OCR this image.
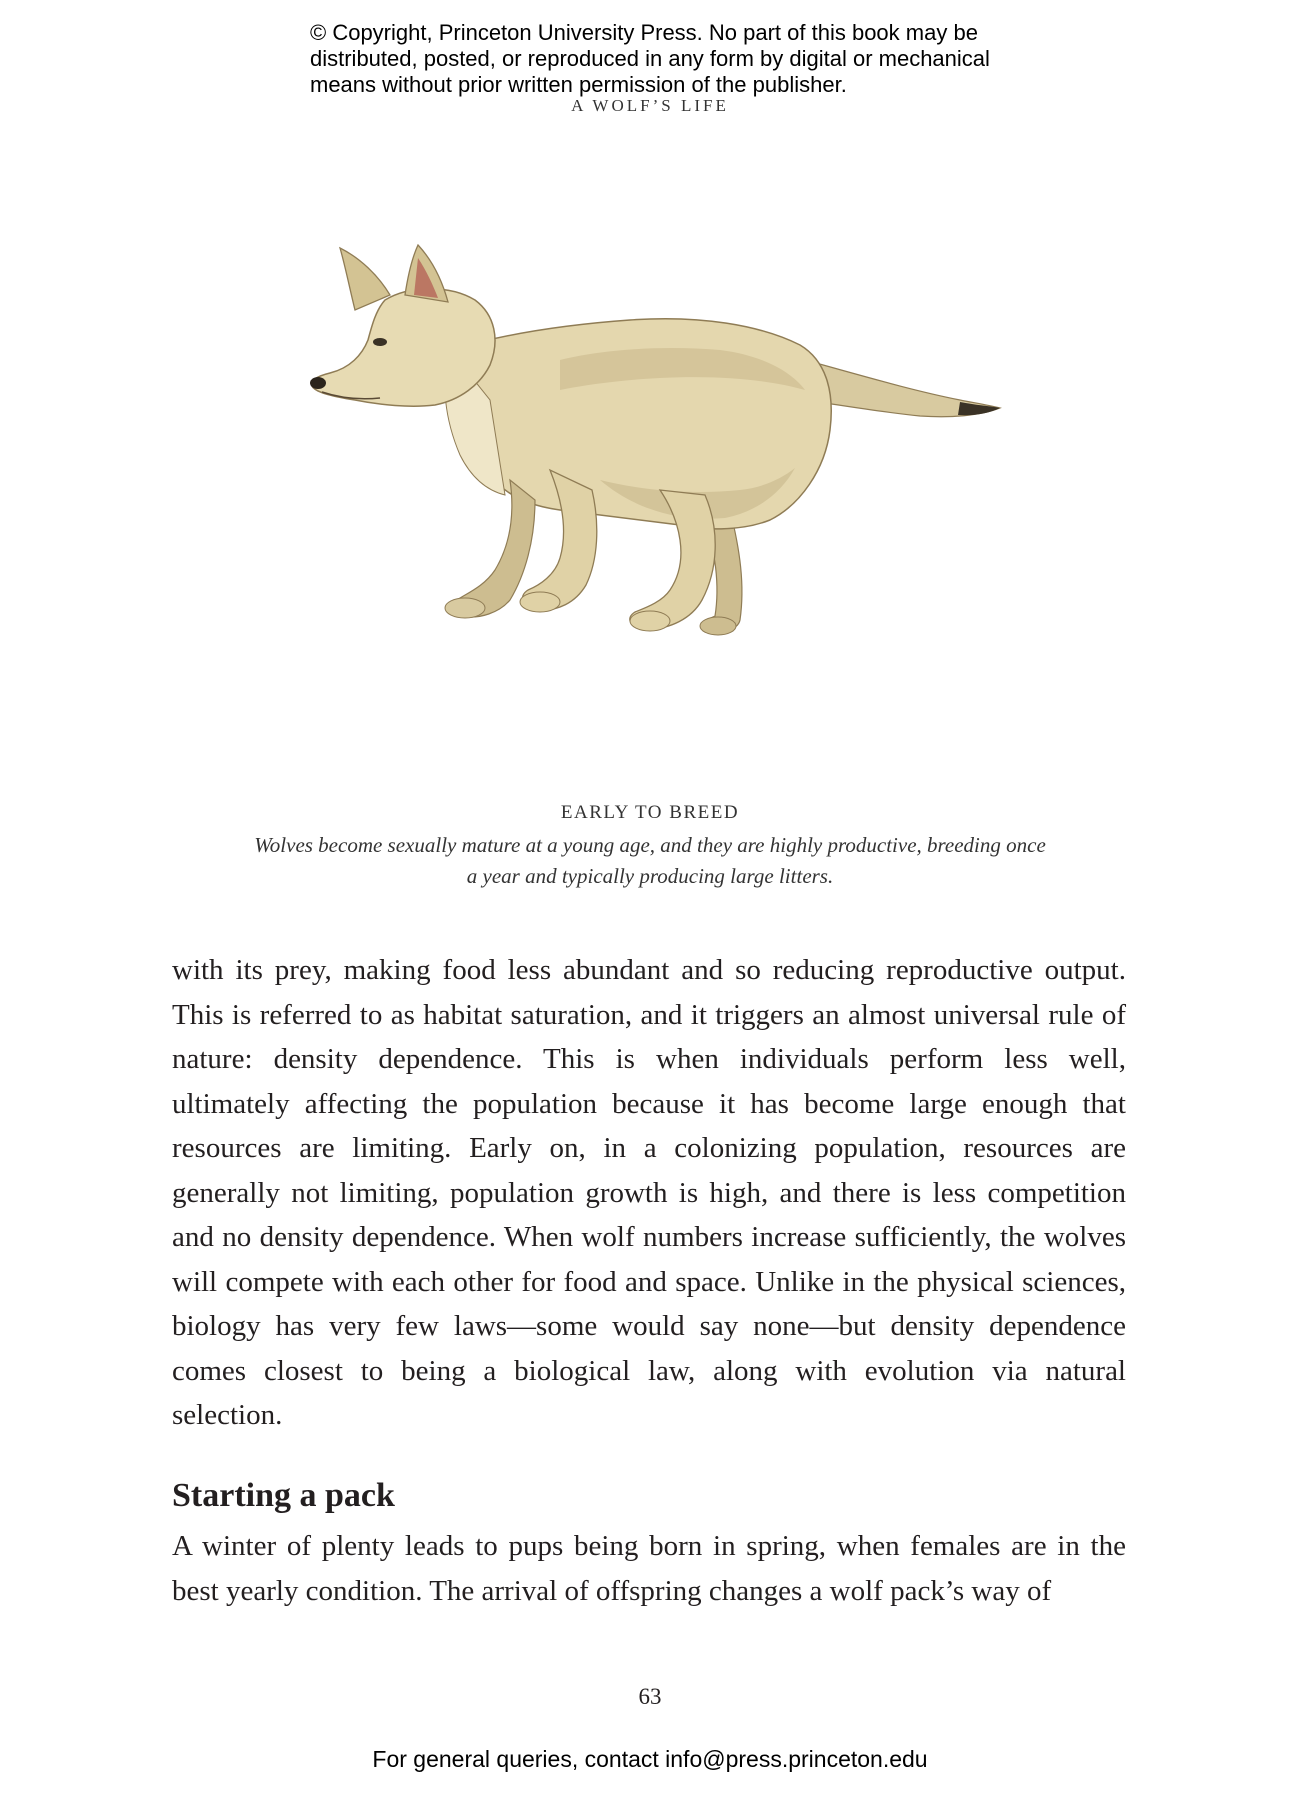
© Copyright, Princeton University Press. No part of this book may be distributed, posted, or reproduced in any form by digital or mechanical means without prior written permission of the publisher.
A WOLF’S LIFE
EARLY TO BREED
Wolves become sexually mature at a young age, and they are highly productive, breeding once a year and typically producing large litters.

with its prey, making food less abundant and so reducing reproductive output. This is referred to as habitat saturation, and it triggers an almost universal rule of nature: density dependence. This is when individuals perform less well, ultimately affecting the population because it has become large enough that resources are limiting. Early on, in a colonizing population, resources are generally not limiting, population growth is high, and there is less competition and no density dependence. When wolf numbers increase sufficiently, the wolves will compete with each other for food and space. Unlike in the physical sciences, biology has very few laws—some would say none—but density dependence comes closest to being a biological law, along with evolution via natural selection.

Starting a pack

A winter of plenty leads to pups being born in spring, when females are in the best yearly condition. The arrival of offspring changes a wolf pack’s way of

63
For general queries, contact info@press.princeton.edu
